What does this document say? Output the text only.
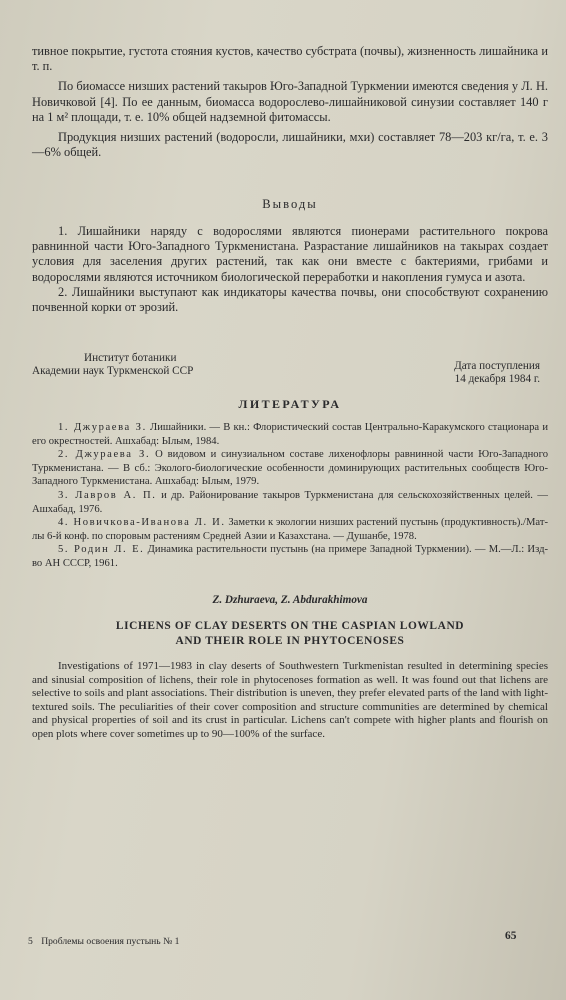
тивное покрытие, густота стояния кустов, качество субстрата (почвы), жизненность лишайника и т. п.

По биомассе низших растений такыров Юго-Западной Туркмении имеются сведения у Л. Н. Новичковой [4]. По ее данным, биомасса водорослево-лишайниковой синузии составляет 140 г на 1 м² площади, т. е. 10% общей надземной фитомассы.

Продукция низших растений (водоросли, лишайники, мхи) составляет 78—203 кг/га, т. е. 3—6% общей.

Выводы

1. Лишайники наряду с водорослями являются пионерами растительного покрова равнинной части Юго-Западного Туркменистана. Разрастание лишайников на такырах создает условия для заселения других растений, так как они вместе с бактериями, грибами и водорослями являются источником биологической переработки и накопления гумуса и азота.

2. Лишайники выступают как индикаторы качества почвы, они способствуют сохранению почвенной корки от эрозий.

Институт ботаники
Академии наук Туркменской ССР	Дата поступления
14 декабря 1984 г.
ЛИТЕРАТУРА

1. Джураева З. Лишайники. — В кн.: Флористический состав Центрально-Каракумского стационара и его окрестностей. Ашхабад: Ылым, 1984.

2. Джураева З. О видовом и синузиальном составе лихенофлоры равнинной части Юго-Западного Туркменистана. — В сб.: Эколого-биологические особенности доминирующих растительных сообществ Юго-Западного Туркменистана. Ашхабад: Ылым, 1979.

3. Лавров А. П. и др. Районирование такыров Туркменистана для сельскохозяйственных целей. — Ашхабад, 1976.

4. Новичкова-Иванова Л. И. Заметки к экологии низших растений пустынь (продуктивность)./Мат-лы 6-й конф. по споровым растениям Средней Азии и Казахстана. — Душанбе, 1978.

5. Родин Л. Е. Динамика растительности пустынь (на примере Западной Туркмении). — М.—Л.: Изд-во АН СССР, 1961.

Z. Dzhuraeva, Z. Abdurakhimova
LICHENS OF CLAY DESERTS ON THE CASPIAN LOWLAND
AND THEIR ROLE IN PHYTOCENOSES

Investigations of 1971—1983 in clay deserts of Southwestern Turkmenistan resulted in determining species and sinusial composition of lichens, their role in phytocenoses formation as well. It was found out that lichens are selective to soils and plant associations. Their distribution is uneven, they prefer elevated parts of the land with light-textured soils. The peculiarities of their cover composition and structure communities are determined by chemical and physical properties of soil and its crust in particular. Lichens can't compete with higher plants and flourish on open plots where cover sometimes up to 90—100% of the surface.

5 Проблемы освоения пустынь № 1	65
